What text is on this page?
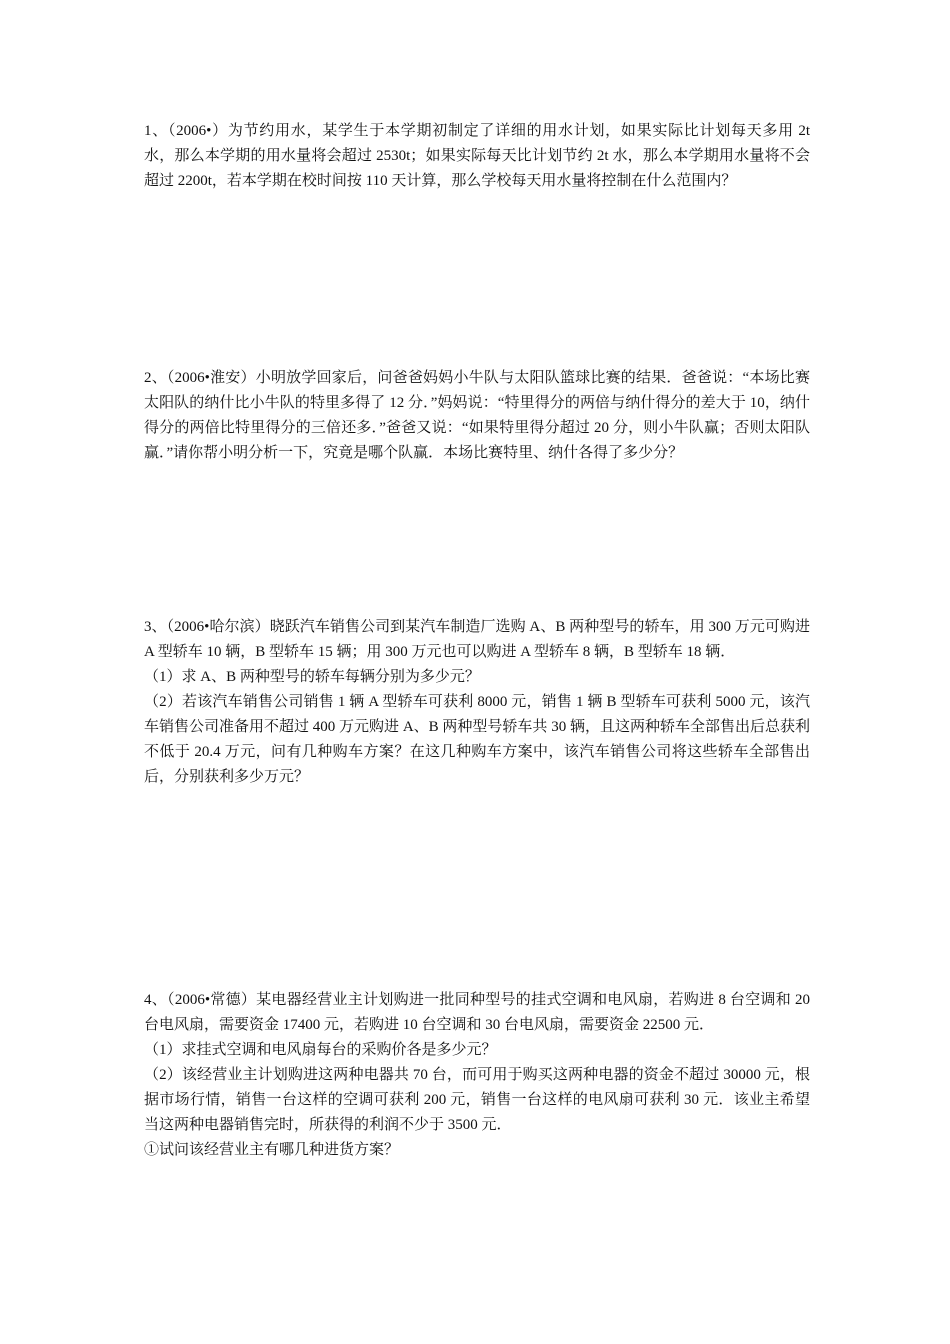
1、（2006•）为节约用水，某学生于本学期初制定了详细的用水计划，如果实际比计划每天多用 2t 水，那么本学期的用水量将会超过 2530t；如果实际每天比计划节约 2t 水，那么本学期用水量将不会超过 2200t，若本学期在校时间按 110 天计算，那么学校每天用水量将控制在什么范围内？

2、（2006•淮安）小明放学回家后，问爸爸妈妈小牛队与太阳队篮球比赛的结果．爸爸说：“本场比赛太阳队的纳什比小牛队的特里多得了 12 分．”妈妈说：“特里得分的两倍与纳什得分的差大于 10，纳什得分的两倍比特里得分的三倍还多．”爸爸又说：“如果特里得分超过 20 分，则小牛队赢；否则太阳队赢．”请你帮小明分析一下，究竟是哪个队赢．本场比赛特里、纳什各得了多少分？

3、（2006•哈尔滨）晓跃汽车销售公司到某汽车制造厂选购 A、B 两种型号的轿车，用 300 万元可购进 A 型轿车 10 辆，B 型轿车 15 辆；用 300 万元也可以购进 A 型轿车 8 辆，B 型轿车 18 辆．

（1）求 A、B 两种型号的轿车每辆分别为多少元？

（2）若该汽车销售公司销售 1 辆 A 型轿车可获利 8000 元，销售 1 辆 B 型轿车可获利 5000 元，该汽车销售公司准备用不超过 400 万元购进 A、B 两种型号轿车共 30 辆，且这两种轿车全部售出后总获利不低于 20.4 万元，问有几种购车方案？在这几种购车方案中，该汽车销售公司将这些轿车全部售出后，分别获利多少万元？

4、（2006•常德）某电器经营业主计划购进一批同种型号的挂式空调和电风扇，若购进 8 台空调和 20 台电风扇，需要资金 17400 元，若购进 10 台空调和 30 台电风扇，需要资金 22500 元．

（1）求挂式空调和电风扇每台的采购价各是多少元？

（2）该经营业主计划购进这两种电器共 70 台，而可用于购买这两种电器的资金不超过 30000 元，根据市场行情，销售一台这样的空调可获利 200 元，销售一台这样的电风扇可获利 30 元．该业主希望当这两种电器销售完时，所获得的利润不少于 3500 元．

①试问该经营业主有哪几种进货方案？
